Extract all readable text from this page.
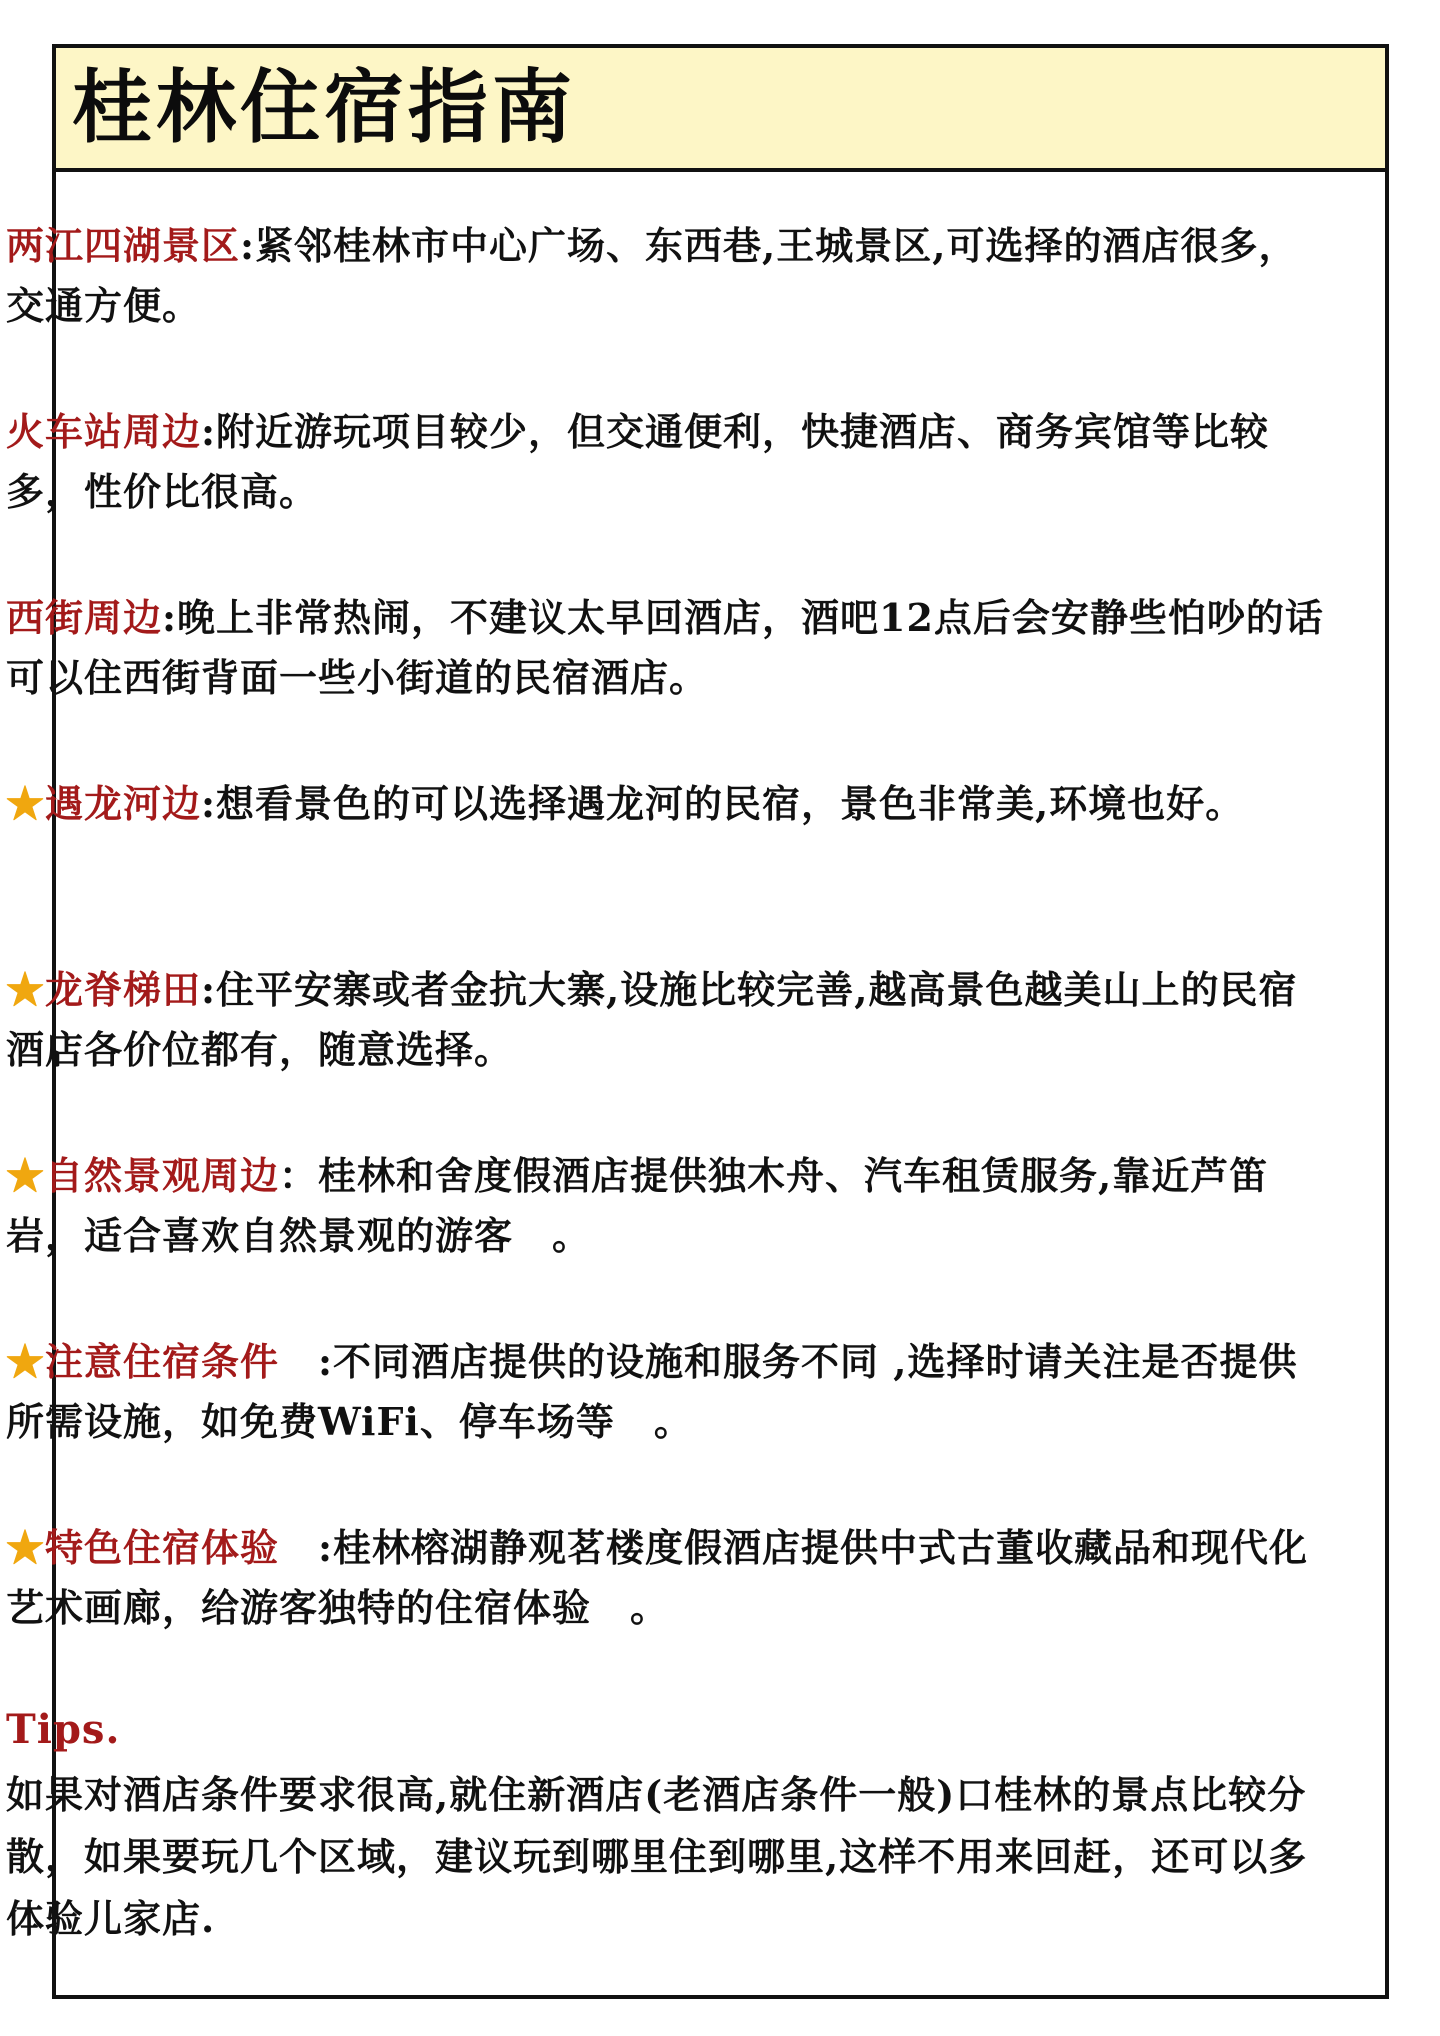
桂林住宿指南
两江四湖景区:紧邻桂林市中心广场、东西巷,王城景区,可选择的酒店很多，交通方便。
火车站周边:附近游玩项目较少，但交通便利，快捷酒店、商务宾馆等比较多，性价比很高。
西街周边:晚上非常热闹，不建议太早回酒店，酒吧12点后会安静些怕吵的话可以住西街背面一些小街道的民宿酒店。
★遇龙河边:想看景色的可以选择遇龙河的民宿，景色非常美,环境也好。
★龙脊梯田:住平安寨或者金抗大寨,设施比较完善,越高景色越美山上的民宿酒店各价位都有，随意选择。
★自然景观周边：桂林和舍度假酒店提供独木舟、汽车租赁服务,靠近芦笛岩，适合喜欢自然景观的游客　。
★注意住宿条件　:不同酒店提供的设施和服务不同 ,选择时请关注是否提供所需设施，如免费WiFi、停车场等　。
★特色住宿体验　:桂林榕湖静观茗楼度假酒店提供中式古董收藏品和现代化艺术画廊，给游客独特的住宿体验　。
Tips.
如果对酒店条件要求很高,就住新酒店(老酒店条件一般)口桂林的景点比较分散，如果要玩几个区域，建议玩到哪里住到哪里,这样不用来回赶，还可以多体验儿家店.
